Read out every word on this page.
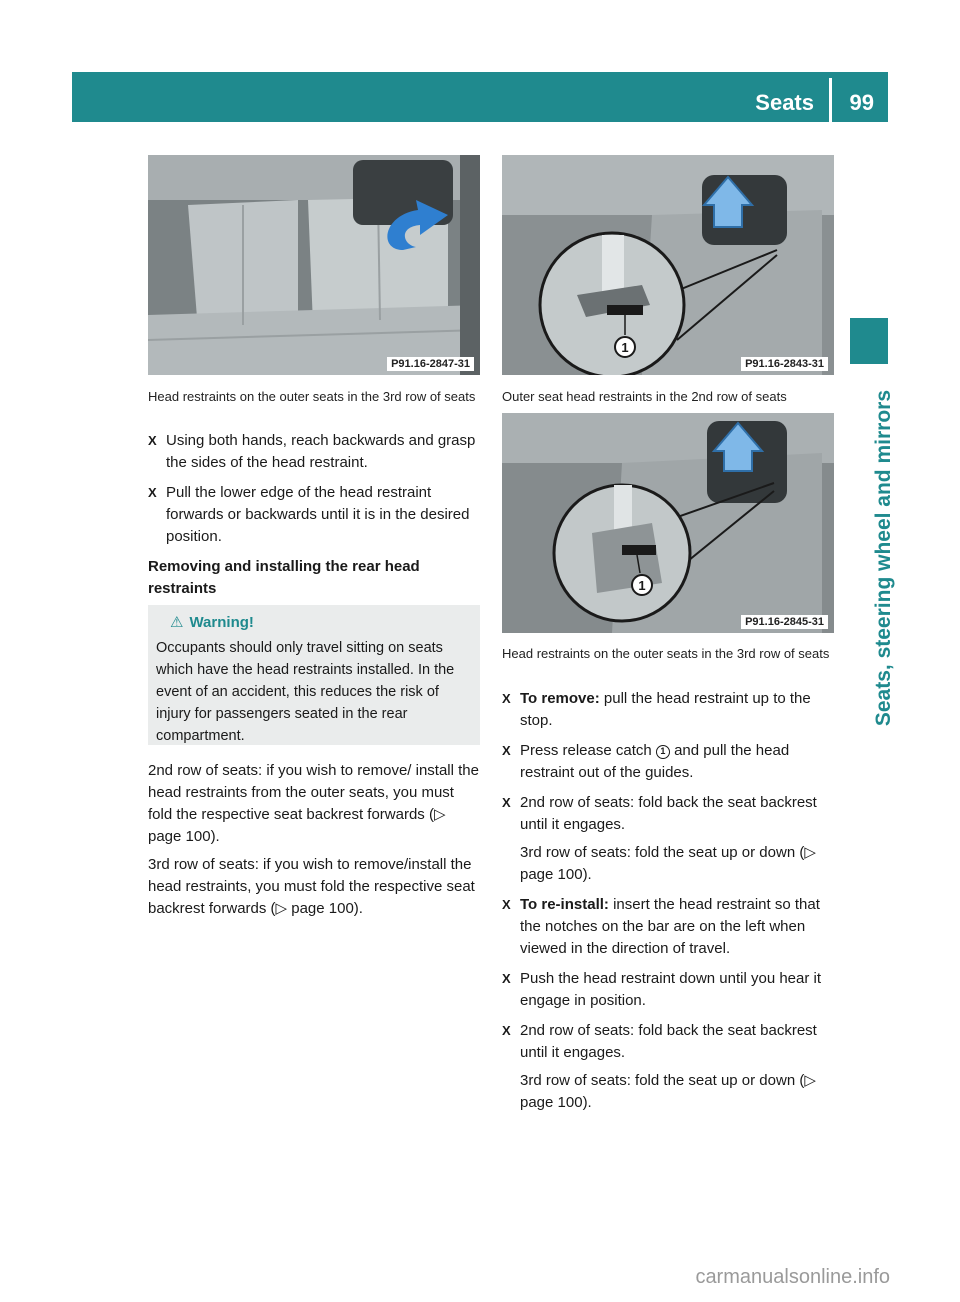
Seats 99
Seats, steering wheel and mirrors
P91.16-2847-31
Head restraints on the outer seats in the 3rd row of seats
1
P91.16-2843-31
Outer seat head restraints in the 2nd row of seats
1
P91.16-2845-31
Head restraints on the outer seats in the 3rd row of seats
X Using both hands, reach backwards and grasp the sides of the head restraint.
X Pull the lower edge of the head restraint forwards or backwards until it is in the desired position.
Removing and installing the rear head restraints
⚠ Warning!
Occupants should only travel sitting on seats which have the head restraints installed. In the event of an accident, this reduces the risk of injury for passengers seated in the rear compartment.
2nd row of seats: if you wish to remove/ install the head restraints from the outer seats, you must fold the respective seat backrest forwards (▷ page 100).
3rd row of seats: if you wish to remove/install the head restraints, you must fold the respective seat backrest forwards (▷ page 100).
X To remove: pull the head restraint up to the stop.
X Press release catch 1 and pull the head restraint out of the guides.
X 2nd row of seats: fold back the seat backrest until it engages.
3rd row of seats: fold the seat up or down (▷ page 100).
X To re-install: insert the head restraint so that the notches on the bar are on the left when viewed in the direction of travel.
X Push the head restraint down until you hear it engage in position.
X 2nd row of seats: fold back the seat backrest until it engages.
3rd row of seats: fold the seat up or down (▷ page 100).
carmanualsonline.info
